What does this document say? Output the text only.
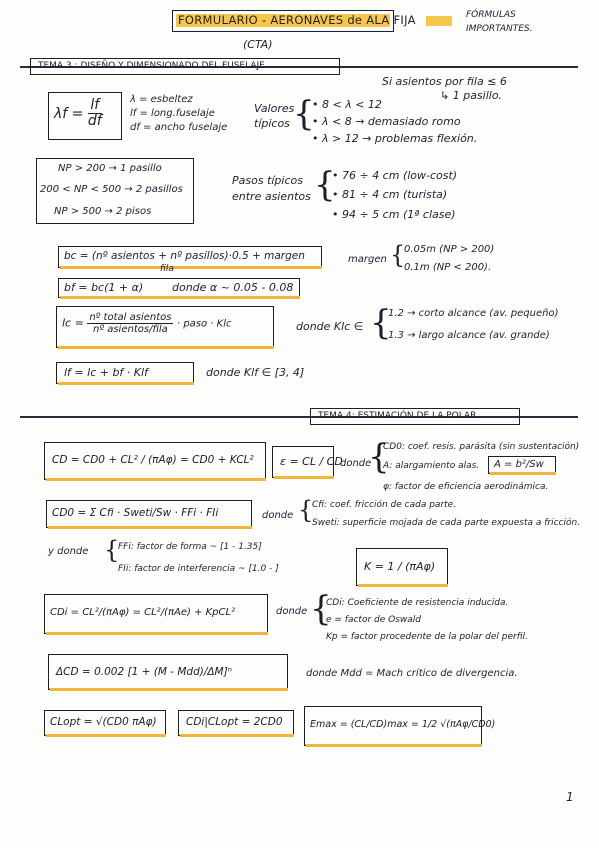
FORMULARIO - AERONAVES de ALA FIJA
(CTA)
FÓRMULAS
IMPORTANTES.
TEMA 3 : DISEÑO Y DIMENSIONADO DEL FUSELAJE
Si asientos por fila ≤ 6
↳ 1 pasillo.
$\lambda f = \frac{lf}{df}$	λ = esbeltez
lf = long.fuselaje
df = ancho fuselaje
Valores
típicos {
• 8 < λ < 12
• λ < 8 → demasiado romo
• λ > 12 → problemas flexión.
NP > 200 → 1 pasillo
200 < NP < 500 → 2 pasillos
NP > 500 → 2 pisos
Pasos típicos
entre asientos {
• 76 ÷ 4 cm (low-cost)
• 81 ÷ 4 cm (turista)
• 94 ÷ 5 cm (1ª clase)
bc = (nº asientos + nº pasillos)·0.5 + margen
fila
margen {
0.05m (NP > 200)
0.1m (NP < 200).
bf = bc(1 + α)	donde α ~ 0.05 - 0.08
lc = $\frac{\text{nº total asientos}}{\text{nº asientos/fila}}$ · paso · Klc	donde Klc ∈ {
1.2 → corto alcance (av. pequeño)
1.3 → largo alcance (av. grande)
lf = lc + bf · Klf	donde Klf ∈ [3, 4]
TEMA 4: ESTIMACIÓN DE LA POLAR.
CD = CD0 + CL² / (πAφ) = CD0 + KCL² ε = CL / CD
donde
{
CD0: coef. resis. parásita (sin sustentación)
A: alargamiento alas. A = b²/Sw
φ: factor de eficiencia aerodinámica.
CD0 = Σ Cfi · Sweti/Sw · FFi · FIi	donde {
Cfi: coef. fricción de cada parte.
Sweti: superficie mojada de cada parte expuesta a fricción.
y donde {
FFi: factor de forma ~ [1 - 1.35]
FIi: factor de interferencia ~ [1.0 - ]	K = 1 / (πAφ)
CDi = CL²/(πAφ) = CL²/(πAe) + KpCL²	donde {
CDi: Coeficiente de resistencia inducida.
e = factor de Oswald
Kp = factor procedente de la polar del perfil.
ΔCD = 0.002 [1 + (M - Mdd)/ΔM]ⁿ	donde Mdd = Mach crítico de divergencia.
CLopt = √(CD0 πAφ)	CDi|CLopt = 2CD0	Emax = (CL/CD)max = 1/2 √(πAφ/CD0)
1
